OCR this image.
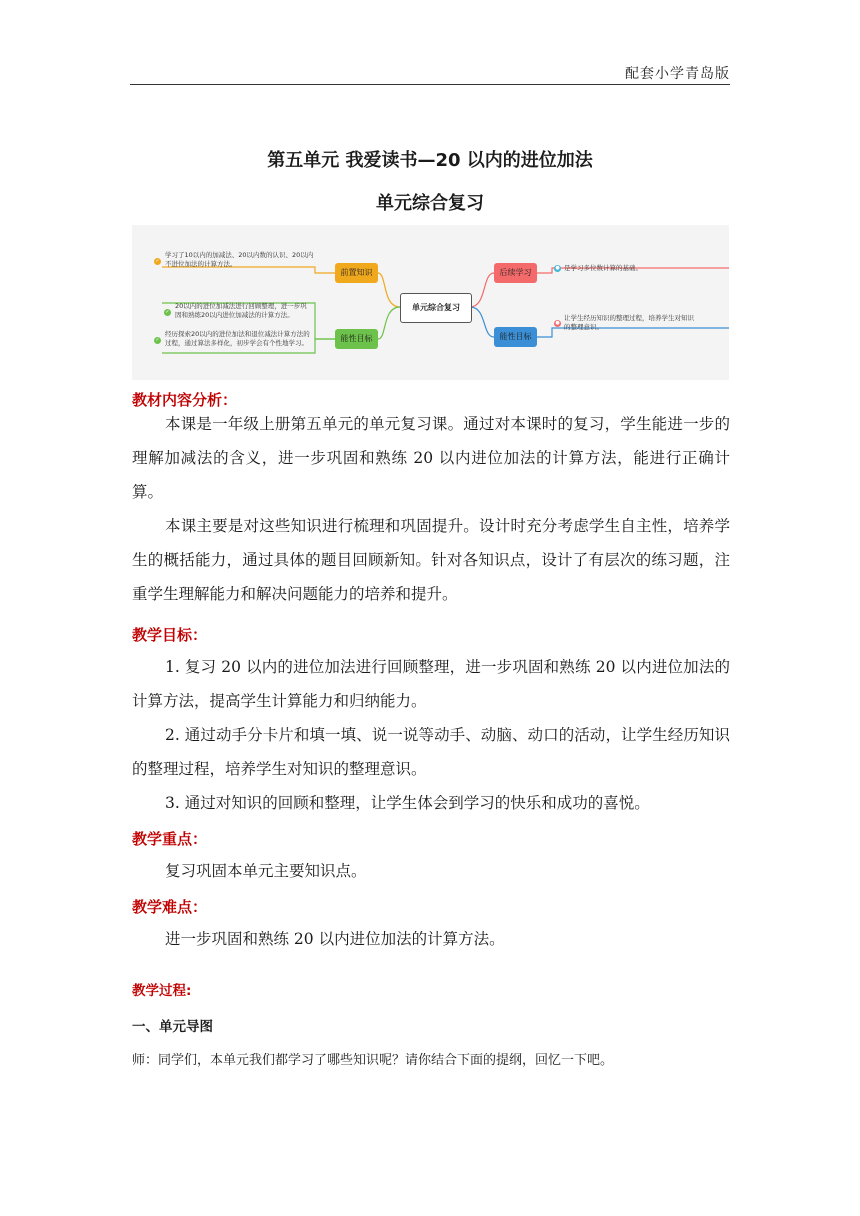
配套小学青岛版
第五单元 我爱读书—20 以内的进位加法
单元综合复习
单元综合复习
前置知识
能性目标
后续学习
能性目标
✓
学习了10以内的加减法、20以内数的认识、20以内
不进位加法的计算方法。
✓
20以内的进位加减法进行回顾整理，进一步巩
固和熟练20以内进位加减法的计算方法。
✓
经历探索20以内的进位加法和退位减法计算方法的
过程，通过算法多样化，初步学会有个性地学习。
● 是学习多位数计算的基础。
●
让学生经历知识的整理过程，培养学生对知识
的整理意识。
教材内容分析：
本课是一年级上册第五单元的单元复习课。通过对本课时的复习，学生能进一步的理解加减法的含义，进一步巩固和熟练 20 以内进位加法的计算方法，能进行正确计算。
本课主要是对这些知识进行梳理和巩固提升。设计时充分考虑学生自主性，培养学生的概括能力，通过具体的题目回顾新知。针对各知识点，设计了有层次的练习题，注重学生理解能力和解决问题能力的培养和提升。
教学目标：
1. 复习 20 以内的进位加法进行回顾整理，进一步巩固和熟练 20 以内进位加法的计算方法，提高学生计算能力和归纳能力。
2. 通过动手分卡片和填一填、说一说等动手、动脑、动口的活动，让学生经历知识的整理过程，培养学生对知识的整理意识。
3. 通过对知识的回顾和整理，让学生体会到学习的快乐和成功的喜悦。
教学重点：
复习巩固本单元主要知识点。
教学难点：
进一步巩固和熟练 20 以内进位加法的计算方法。
教学过程:
一、单元导图
师：同学们，本单元我们都学习了哪些知识呢？请你结合下面的提纲，回忆一下吧。
